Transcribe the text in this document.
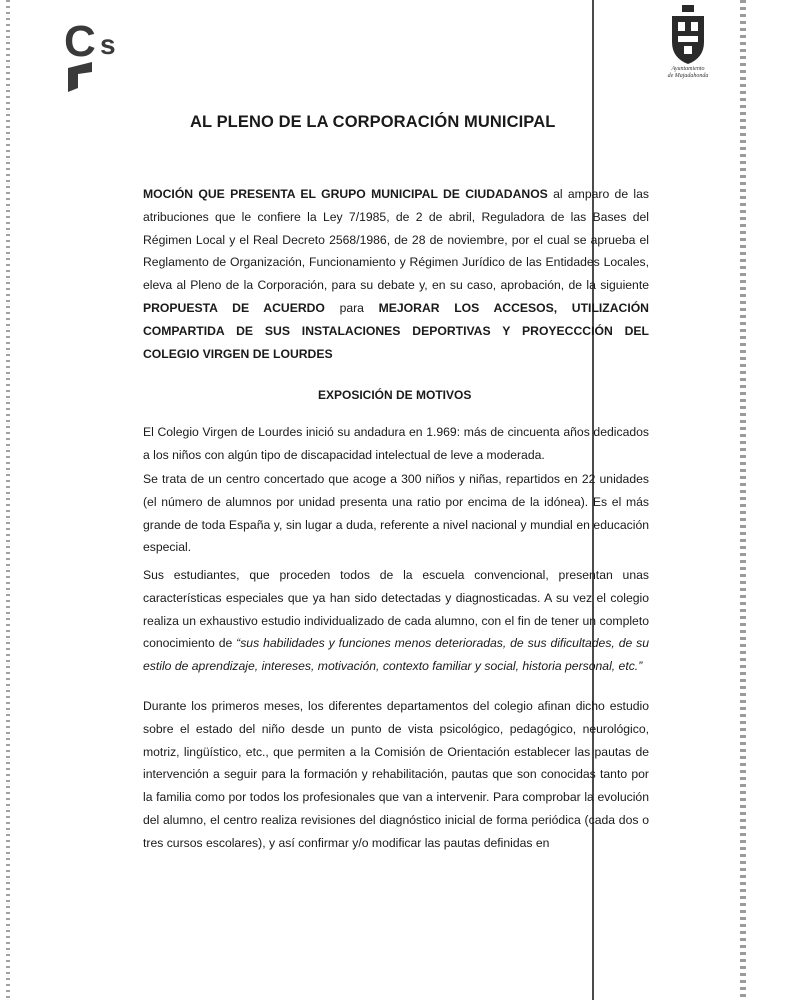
C s
Ayuntamiento
de Majadahonda
AL PLENO DE LA CORPORACIÓN MUNICIPAL

MOCIÓN QUE PRESENTA EL GRUPO MUNICIPAL DE CIUDADANOS al amparo de las atribuciones que le confiere la Ley 7/1985, de 2 de abril, Reguladora de las Bases del Régimen Local y el Real Decreto 2568/1986, de 28 de noviembre, por el cual se aprueba el Reglamento de Organización, Funcionamiento y Régimen Jurídico de las Entidades Locales, eleva al Pleno de la Corporación, para su debate y, en su caso, aprobación, de la siguiente PROPUESTA DE ACUERDO para MEJORAR LOS ACCESOS, UTILIZACIÓN COMPARTIDA DE SUS INSTALACIONES DEPORTIVAS Y PROYECCCIÓN DEL COLEGIO VIRGEN DE LOURDES

EXPOSICIÓN DE MOTIVOS

El Colegio Virgen de Lourdes inició su andadura en 1.969: más de cincuenta años dedicados a los niños con algún tipo de discapacidad intelectual de leve a moderada.

Se trata de un centro concertado que acoge a 300 niños y niñas, repartidos en 22 unidades (el número de alumnos por unidad presenta una ratio por encima de la idónea). Es el más grande de toda España y, sin lugar a duda, referente a nivel nacional y mundial en educación especial.

Sus estudiantes, que proceden todos de la escuela convencional, presentan unas características especiales que ya han sido detectadas y diagnosticadas. A su vez el colegio realiza un exhaustivo estudio individualizado de cada alumno, con el fin de tener un completo conocimiento de “sus habilidades y funciones menos deterioradas, de sus dificultades, de su estilo de aprendizaje, intereses, motivación, contexto familiar y social, historia personal, etc.”

Durante los primeros meses, los diferentes departamentos del colegio afinan dicho estudio sobre el estado del niño desde un punto de vista psicológico, pedagógico, neurológico, motriz, lingüístico, etc., que permiten a la Comisión de Orientación establecer las pautas de intervención a seguir para la formación y rehabilitación, pautas que son conocidas tanto por la familia como por todos los profesionales que van a intervenir. Para comprobar la evolución del alumno, el centro realiza revisiones del diagnóstico inicial de forma periódica (cada dos o tres cursos escolares), y así confirmar y/o modificar las pautas definidas en
